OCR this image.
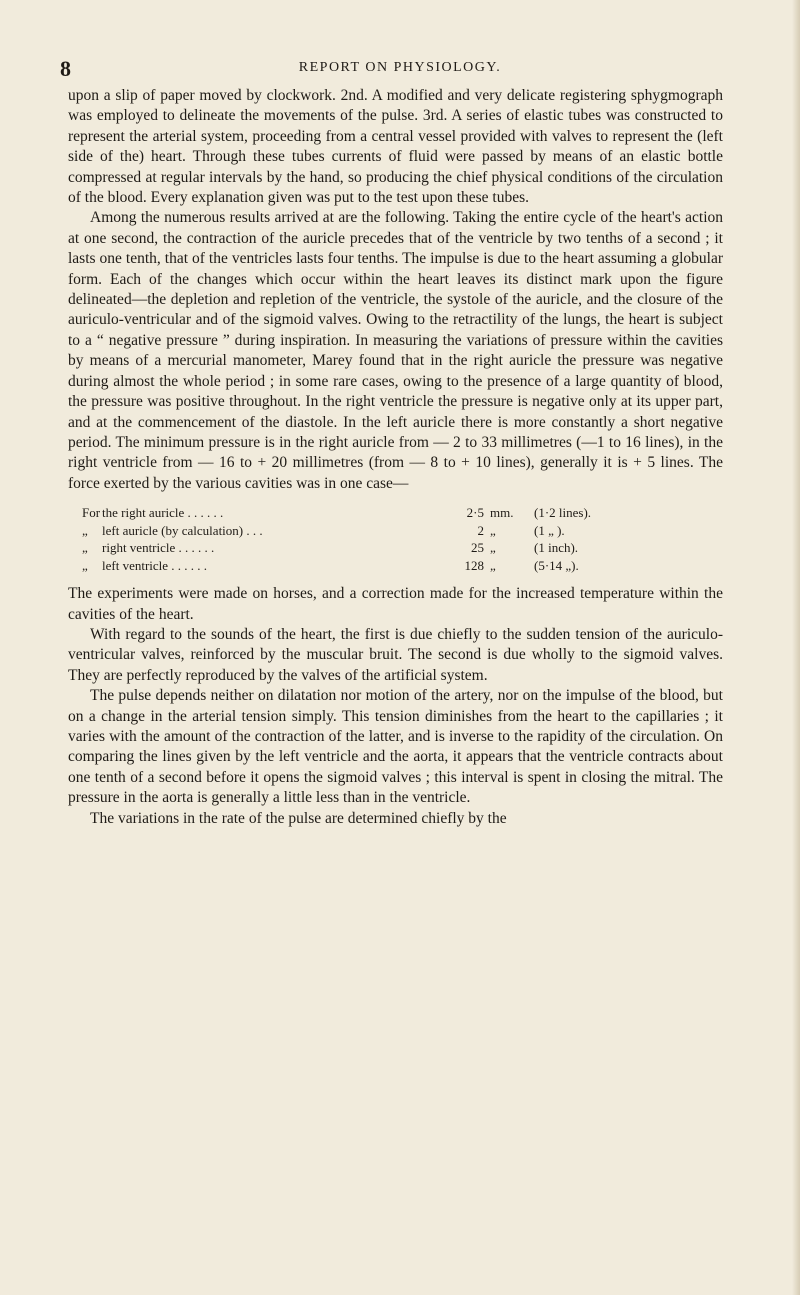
8	REPORT ON PHYSIOLOGY.

upon a slip of paper moved by clockwork. 2nd. A modified and very delicate registering sphygmograph was employed to delineate the movements of the pulse. 3rd. A series of elastic tubes was constructed to represent the arterial system, proceeding from a central vessel provided with valves to represent the (left side of the) heart. Through these tubes currents of fluid were passed by means of an elastic bottle compressed at regular intervals by the hand, so producing the chief physical conditions of the circulation of the blood. Every explanation given was put to the test upon these tubes.

Among the numerous results arrived at are the following. Taking the entire cycle of the heart's action at one second, the contraction of the auricle precedes that of the ventricle by two tenths of a second ; it lasts one tenth, that of the ventricles lasts four tenths. The impulse is due to the heart assuming a globular form. Each of the changes which occur within the heart leaves its distinct mark upon the figure delineated—the depletion and repletion of the ventricle, the systole of the auricle, and the closure of the auriculo-ventricular and of the sigmoid valves. Owing to the retractility of the lungs, the heart is subject to a “ negative pressure ” during inspiration. In measuring the variations of pressure within the cavities by means of a mercurial manometer, Marey found that in the right auricle the pressure was negative during almost the whole period ; in some rare cases, owing to the presence of a large quantity of blood, the pressure was positive throughout. In the right ventricle the pressure is negative only at its upper part, and at the commencement of the diastole. In the left auricle there is more constantly a short negative period. The minimum pressure is in the right auricle from — 2 to 33 millimetres (—1 to 16 lines), in the right ventricle from — 16 to + 20 millimetres (from — 8 to + 10 lines), generally it is + 5 lines. The force exerted by the various cavities was in one case—

For the right auricle . . . . . .	2·5	mm.	(1·2 lines).
„ left auricle (by calculation) . . .	2	„	(1 „ ).
„ right ventricle . . . . . .	25	„	(1 inch).
„ left ventricle . . . . . .	128	„	(5·14 „).

The experiments were made on horses, and a correction made for the increased temperature within the cavities of the heart.

With regard to the sounds of the heart, the first is due chiefly to the sudden tension of the auriculo-ventricular valves, reinforced by the muscular bruit. The second is due wholly to the sigmoid valves. They are perfectly reproduced by the valves of the artificial system.

The pulse depends neither on dilatation nor motion of the artery, nor on the impulse of the blood, but on a change in the arterial tension simply. This tension diminishes from the heart to the capillaries ; it varies with the amount of the contraction of the latter, and is inverse to the rapidity of the circulation. On comparing the lines given by the left ventricle and the aorta, it appears that the ventricle contracts about one tenth of a second before it opens the sigmoid valves ; this interval is spent in closing the mitral. The pressure in the aorta is generally a little less than in the ventricle.

The variations in the rate of the pulse are determined chiefly by the
